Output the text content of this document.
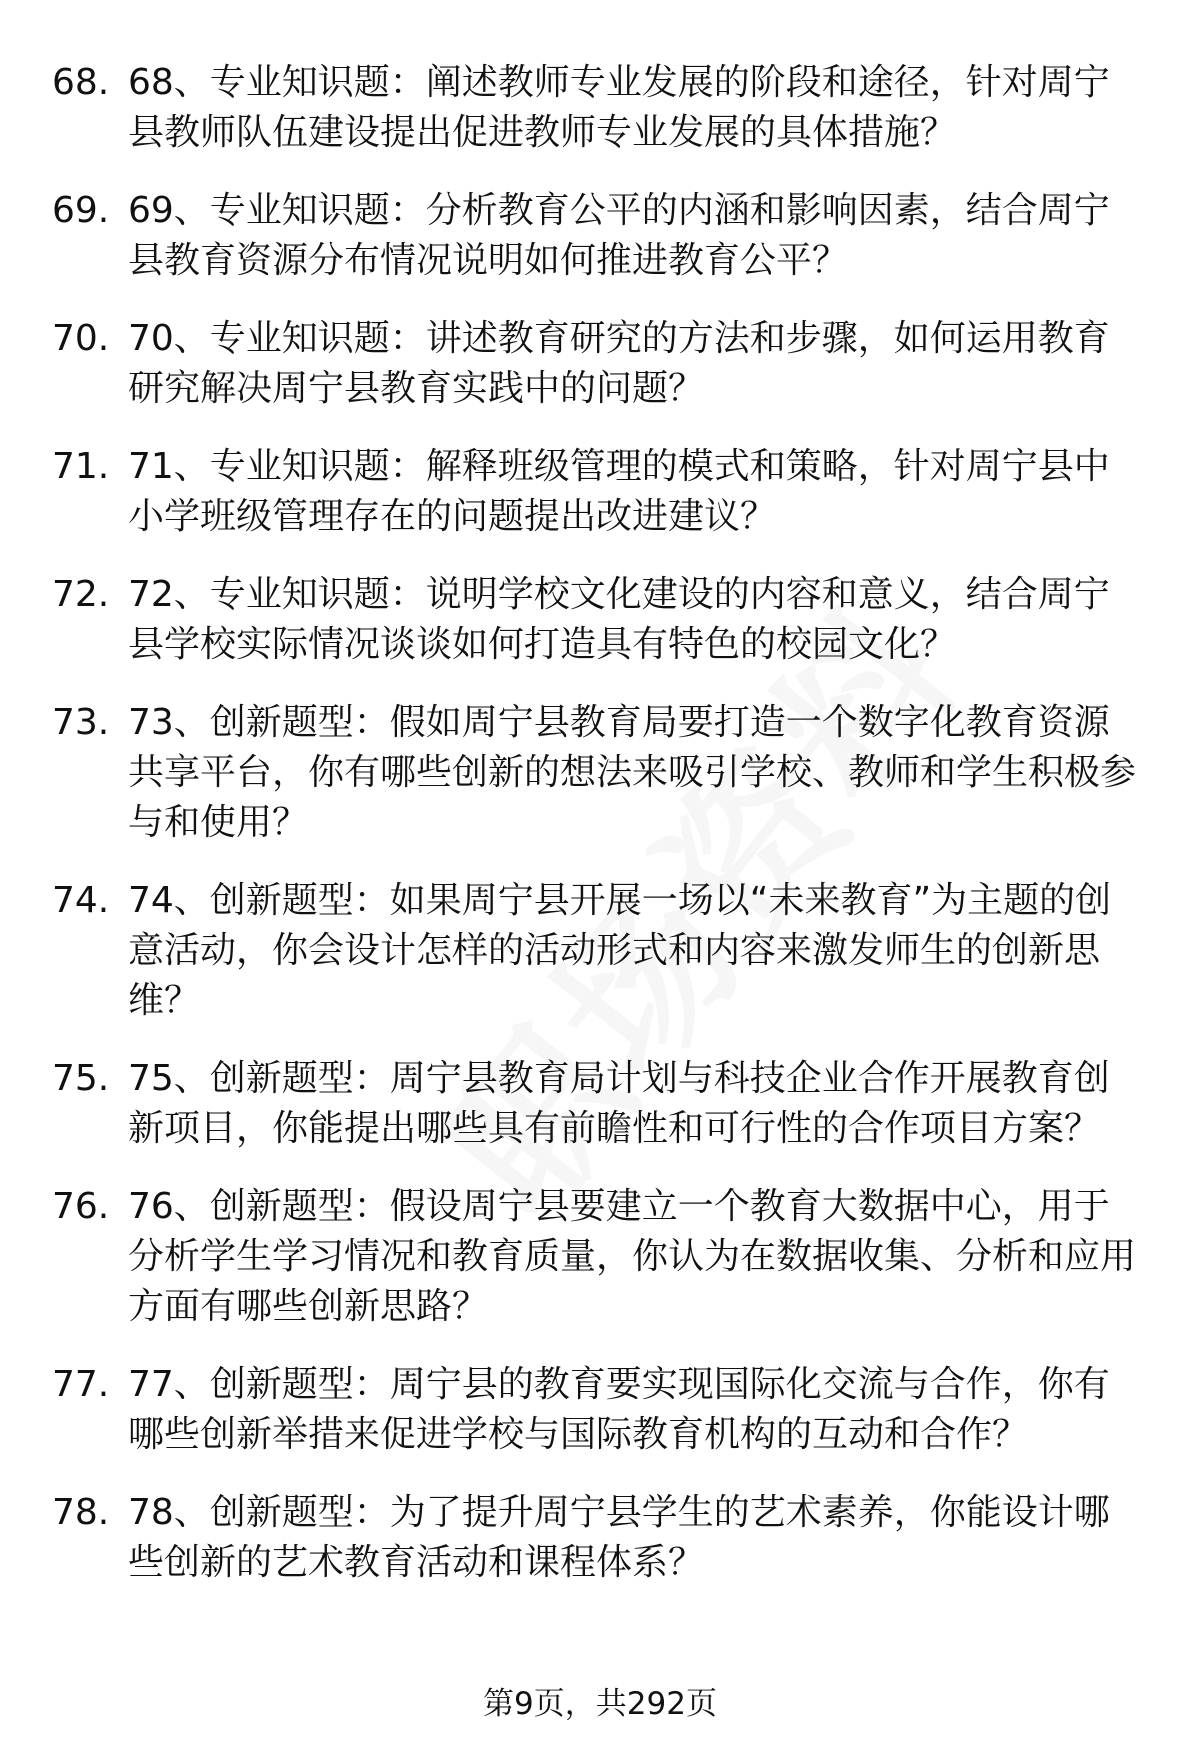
68. 68、专业知识题：阐述教师专业发展的阶段和途径，针对周宁县教师队伍建设提出促进教师专业发展的具体措施？
69. 69、专业知识题：分析教育公平的内涵和影响因素，结合周宁县教育资源分布情况说明如何推进教育公平？
70. 70、专业知识题：讲述教育研究的方法和步骤，如何运用教育研究解决周宁县教育实践中的问题？
71. 71、专业知识题：解释班级管理的模式和策略，针对周宁县中小学班级管理存在的问题提出改进建议？
72. 72、专业知识题：说明学校文化建设的内容和意义，结合周宁县学校实际情况谈谈如何打造具有特色的校园文化？
73. 73、创新题型：假如周宁县教育局要打造一个数字化教育资源共享平台，你有哪些创新的想法来吸引学校、教师和学生积极参与和使用？
74. 74、创新题型：如果周宁县开展一场以“未来教育”为主题的创意活动，你会设计怎样的活动形式和内容来激发师生的创新思维？
75. 75、创新题型：周宁县教育局计划与科技企业合作开展教育创新项目，你能提出哪些具有前瞻性和可行性的合作项目方案？
76. 76、创新题型：假设周宁县要建立一个教育大数据中心，用于分析学生学习情况和教育质量，你认为在数据收集、分析和应用方面有哪些创新思路？
77. 77、创新题型：周宁县的教育要实现国际化交流与合作，你有哪些创新举措来促进学校与国际教育机构的互动和合作？
78. 78、创新题型：为了提升周宁县学生的艺术素养，你能设计哪些创新的艺术教育活动和课程体系？
第9页，共292页
